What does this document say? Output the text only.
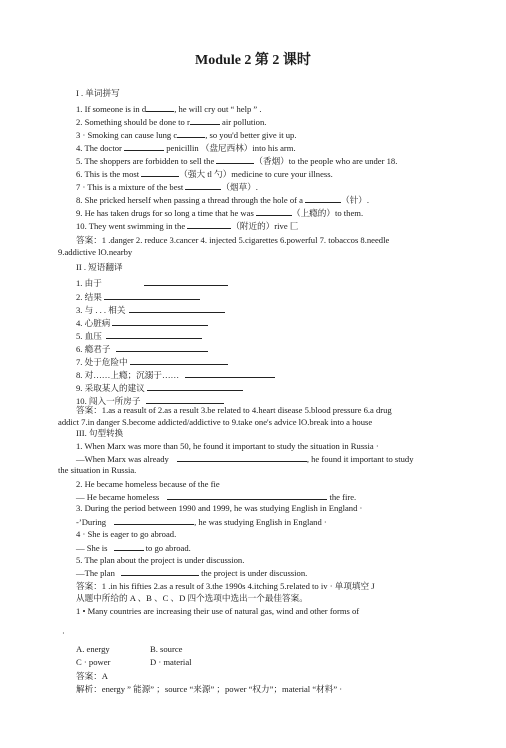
Module 2 第 2 课时
I . 单词拼写
1. If someone is in d	, he will cry out “ help ” .
2. Something should be done to r	air pollution.
3 · Smoking can cause lung c	, so you'd better give it up.
4. The doctor	penicillin （盘尼西林）into his arm.
5. The shoppers are forbidden to sell the	（香烟）to the people who are under 18.
6. This is the most	（强大 tl 勺）medicine to cure your illness.
7 · This is a mixture of the best	（烟草）.
8. She pricked herself when passing a thread through the hole of a	（针）.
9. He has taken drugs for so long a time that he was	（上瘾的）to them.
10. They went swimming in the	（附近的）rive 匚
答案：1 .danger 2. reduce 3.cancer 4. injected 5.cigarettes 6.powerful 7. tobaccos 8.needle
9.addictive lO.nearby
II . 短语翻译
1. 由于
2. 结果
3. 与 . . . 相关
4. 心脏病
5. 血压
6. 瘾君子
7. 处于危险中
8. 对……上瘾；沉溺于……
9. 采取某人的建议
10. 闯入一所房子
答案：1.as a reasult of 2.as a result 3.be related to 4.heart disease 5.blood pressure 6.a drug
addict 7.in danger S.become addicted/addictive to 9.take one's advice lO.break into a house
III. 句型转换
1. When Marx was more than 50, he found it important to study the situation in Russia ·
—When Marx was already	, he found it important to study
the situation in Russia.
2. He became homeless because of the fie
— He became homeless	the fire.
3. During the period between 1990 and 1999, he was studying English in England ·
-’During	, he was studying English in England ·
4 · She is eager to go abroad.
— She is	to go abroad.
5. The plan about the project is under discussion.
—The plan	the project is under discussion.
答案：1 .in his fifties 2.as a result of 3.the 1990s 4.itching 5.related to iv · 单项填空 J
从题中所给的 A 、B 、C 、D 四个选项中选出一个最佳答案。
1 • Many countries are increasing their use of natural gas, wind and other forms of
·
A. energy	B. source
C · power	D · material
答案：A
解析：energy ” 能源” ；source “来源” ；power “权力”；material “材料” ·
